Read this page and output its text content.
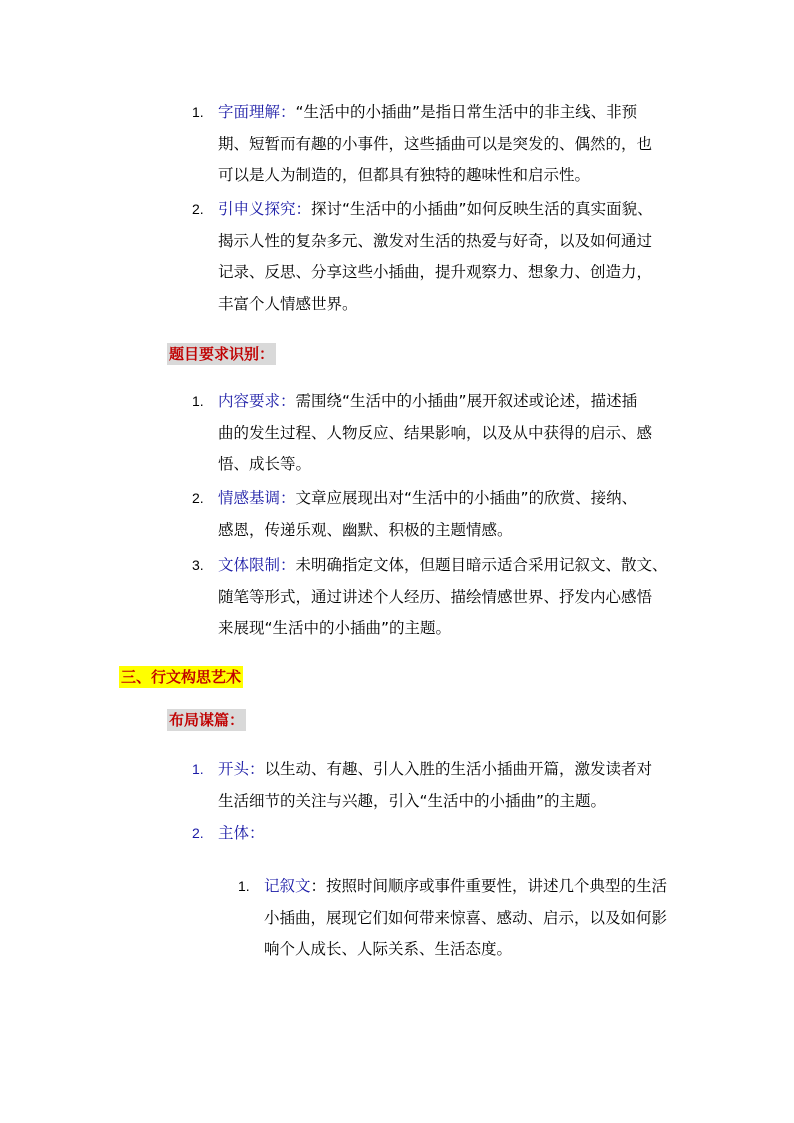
1. 字面理解：“生活中的小插曲”是指日常生活中的非主线、非预
期、短暂而有趣的小事件，这些插曲可以是突发的、偶然的，也
可以是人为制造的，但都具有独特的趣味性和启示性。
2. 引申义探究：探讨“生活中的小插曲”如何反映生活的真实面貌、
揭示人性的复杂多元、激发对生活的热爱与好奇，以及如何通过
记录、反思、分享这些小插曲，提升观察力、想象力、创造力，
丰富个人情感世界。
题目要求识别：
1. 内容要求：需围绕“生活中的小插曲”展开叙述或论述，描述插
曲的发生过程、人物反应、结果影响，以及从中获得的启示、感
悟、成长等。
2. 情感基调：文章应展现出对“生活中的小插曲”的欣赏、接纳、
感恩，传递乐观、幽默、积极的主题情感。
3. 文体限制：未明确指定文体，但题目暗示适合采用记叙文、散文、
随笔等形式，通过讲述个人经历、描绘情感世界、抒发内心感悟
来展现“生活中的小插曲”的主题。
三、行文构思艺术
布局谋篇：
1. 开头：以生动、有趣、引人入胜的生活小插曲开篇，激发读者对
生活细节的关注与兴趣，引入“生活中的小插曲”的主题。
2. 主体：
1. 记叙文：按照时间顺序或事件重要性，讲述几个典型的生活
小插曲，展现它们如何带来惊喜、感动、启示，以及如何影
响个人成长、人际关系、生活态度。
